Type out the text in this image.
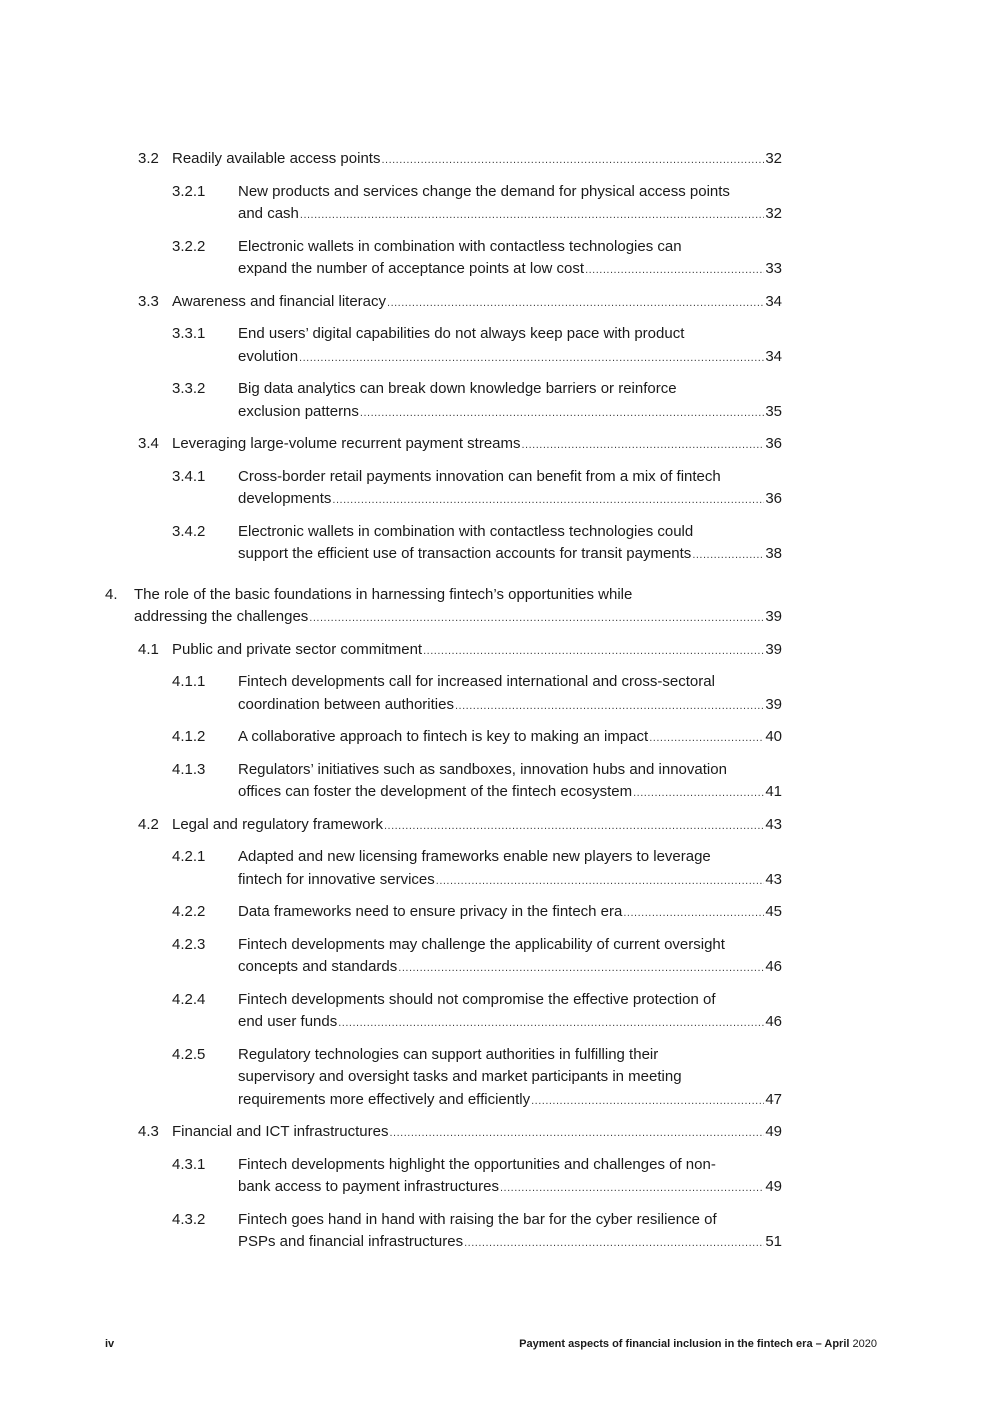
3.2 Readily available access points .....	32
3.2.1 New products and services change the demand for physical access points
and cash .....	32
3.2.2 Electronic wallets in combination with contactless technologies can
expand the number of acceptance points at low cost .....	33
3.3 Awareness and financial literacy .....	34
3.3.1 End users’ digital capabilities do not always keep pace with product
evolution .....	34
3.3.2 Big data analytics can break down knowledge barriers or reinforce
exclusion patterns .....	35
3.4 Leveraging large-volume recurrent payment streams .....	36
3.4.1 Cross-border retail payments innovation can benefit from a mix of fintech
developments .....	36
3.4.2 Electronic wallets in combination with contactless technologies could
support the efficient use of transaction accounts for transit payments .....	38
4. The role of the basic foundations in harnessing fintech’s opportunities while
addressing the challenges .....	39
4.1 Public and private sector commitment .....	39
4.1.1 Fintech developments call for increased international and cross-sectoral
coordination between authorities .....	39
4.1.2 A collaborative approach to fintech is key to making an impact .....	40
4.1.3 Regulators’ initiatives such as sandboxes, innovation hubs and innovation
offices can foster the development of the fintech ecosystem .....	41
4.2 Legal and regulatory framework .....	43
4.2.1 Adapted and new licensing frameworks enable new players to leverage
fintech for innovative services .....	43
4.2.2 Data frameworks need to ensure privacy in the fintech era .....	45
4.2.3 Fintech developments may challenge the applicability of current oversight
concepts and standards .....	46
4.2.4 Fintech developments should not compromise the effective protection of
end user funds .....	46
4.2.5 Regulatory technologies can support authorities in fulfilling their
supervisory and oversight tasks and market participants in meeting
requirements more effectively and efficiently .....	47
4.3 Financial and ICT infrastructures .....	49
4.3.1 Fintech developments highlight the opportunities and challenges of non-
bank access to payment infrastructures .....	49
4.3.2 Fintech goes hand in hand with raising the bar for the cyber resilience of
PSPs and financial infrastructures .....	51
iv	Payment aspects of financial inclusion in the fintech era – April 2020
